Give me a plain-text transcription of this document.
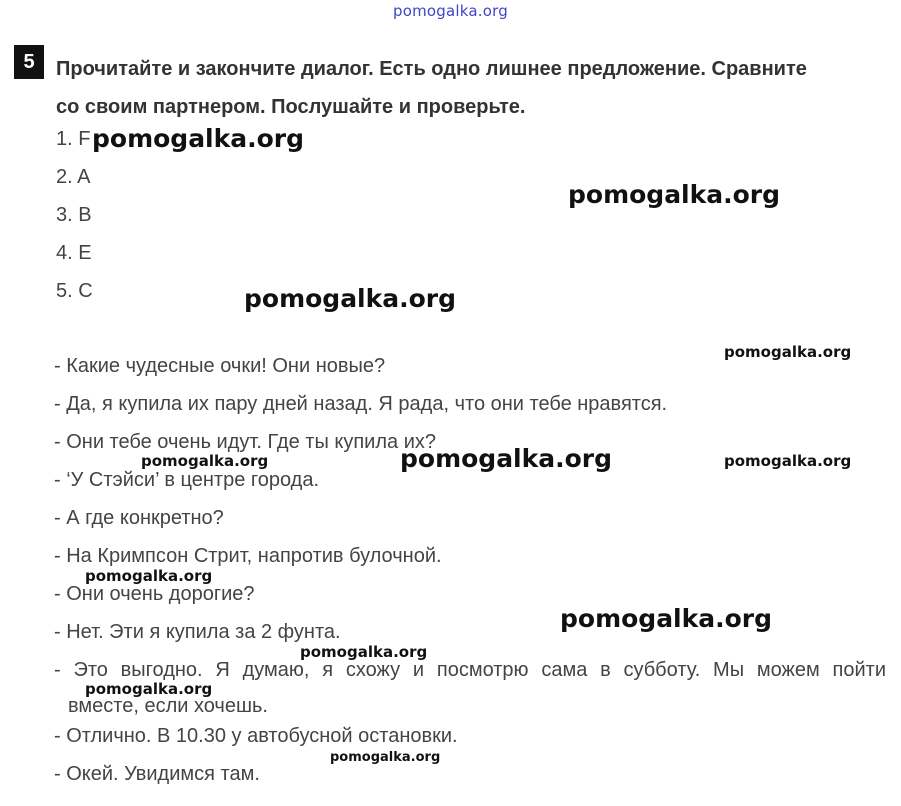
pomogalka.org
5	Прочитайте и закончите диалог. Есть одно лишнее предложение. Сравните
со своим партнером. Послушайте и проверьте.
1. F
2. A
3. B
4. E
5. C
- Какие чудесные очки! Они новые?
- Да, я купила их пару дней назад. Я рада, что они тебе нравятся.
- Они тебе очень идут. Где ты купила их?
- ‘У Стэйси’ в центре города.
- А где конкретно?
- На Кримпсон Стрит, напротив булочной.
- Они очень дорогие?
- Нет. Эти я купила за 2 фунта.
- Это выгодно. Я думаю, я схожу и посмотрю сама в субботу. Мы можем пойти
вместе, если хочешь.
- Отлично. В 10.30 у автобусной остановки.
- Окей. Увидимся там.
pomogalka.org
pomogalka.org
pomogalka.org
pomogalka.org
pomogalka.org	pomogalka.org	pomogalka.org
pomogalka.org
pomogalka.org
pomogalka.org
pomogalka.org
pomogalka.org
